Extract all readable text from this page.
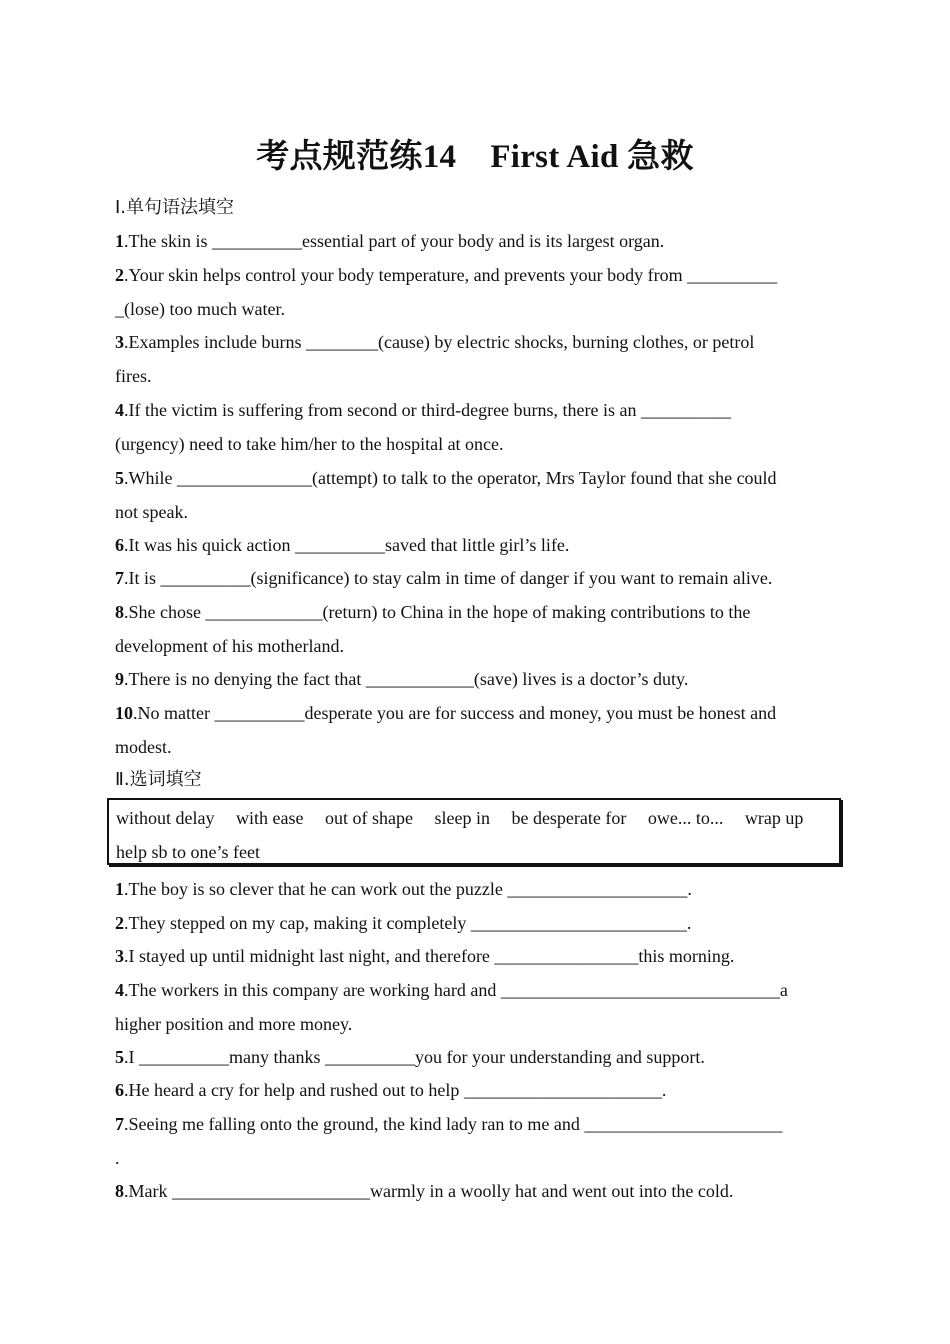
考点规范练14 First Aid 急救
Ⅰ.单句语法填空
1.The skin is __________essential part of your body and is its largest organ.
2.Your skin helps control your body temperature, and prevents your body from __________
_(lose) too much water.
3.Examples include burns ________(cause) by electric shocks, burning clothes, or petrol
fires.
4.If the victim is suffering from second or third-degree burns, there is an __________
(urgency) need to take him/her to the hospital at once.
5.While _______________(attempt) to talk to the operator, Mrs Taylor found that she could
not speak.
6.It was his quick action __________saved that little girl’s life.
7.It is __________(significance) to stay calm in time of danger if you want to remain alive.
8.She chose _____________(return) to China in the hope of making contributions to the
development of his motherland.
9.There is no denying the fact that ____________(save) lives is a doctor’s duty.
10.No matter __________desperate you are for success and money, you must be honest and
modest.
Ⅱ.选词填空
without delay with ease out of shape sleep in be desperate for owe... to... wrap up
help sb to one’s feet
1.The boy is so clever that he can work out the puzzle ____________________.
2.They stepped on my cap, making it completely ________________________.
3.I stayed up until midnight last night, and therefore ________________this morning.
4.The workers in this company are working hard and _______________________________a
higher position and more money.
5.I __________many thanks __________you for your understanding and support.
6.He heard a cry for help and rushed out to help ______________________.
7.Seeing me falling onto the ground, the kind lady ran to me and ______________________
.
8.Mark ______________________warmly in a woolly hat and went out into the cold.
